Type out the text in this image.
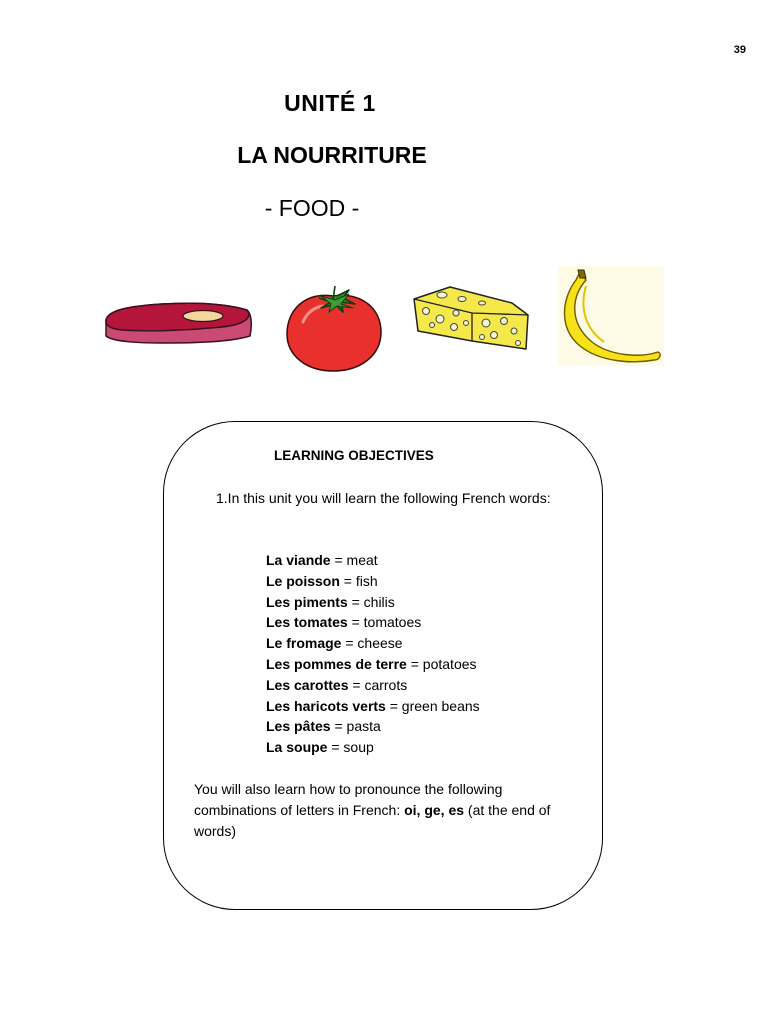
39
UNITÉ 1
LA NOURRITURE
- FOOD -
LEARNING OBJECTIVES
1.In this unit you will learn the following French words:
La viande = meat
Le poisson = fish
Les piments = chilis
Les tomates = tomatoes
Le fromage = cheese
Les pommes de terre = potatoes
Les carottes = carrots
Les haricots verts = green beans
Les pâtes = pasta
La soupe = soup
You will also learn how to pronounce the following combinations of letters in French: oi, ge, es (at the end of words)
